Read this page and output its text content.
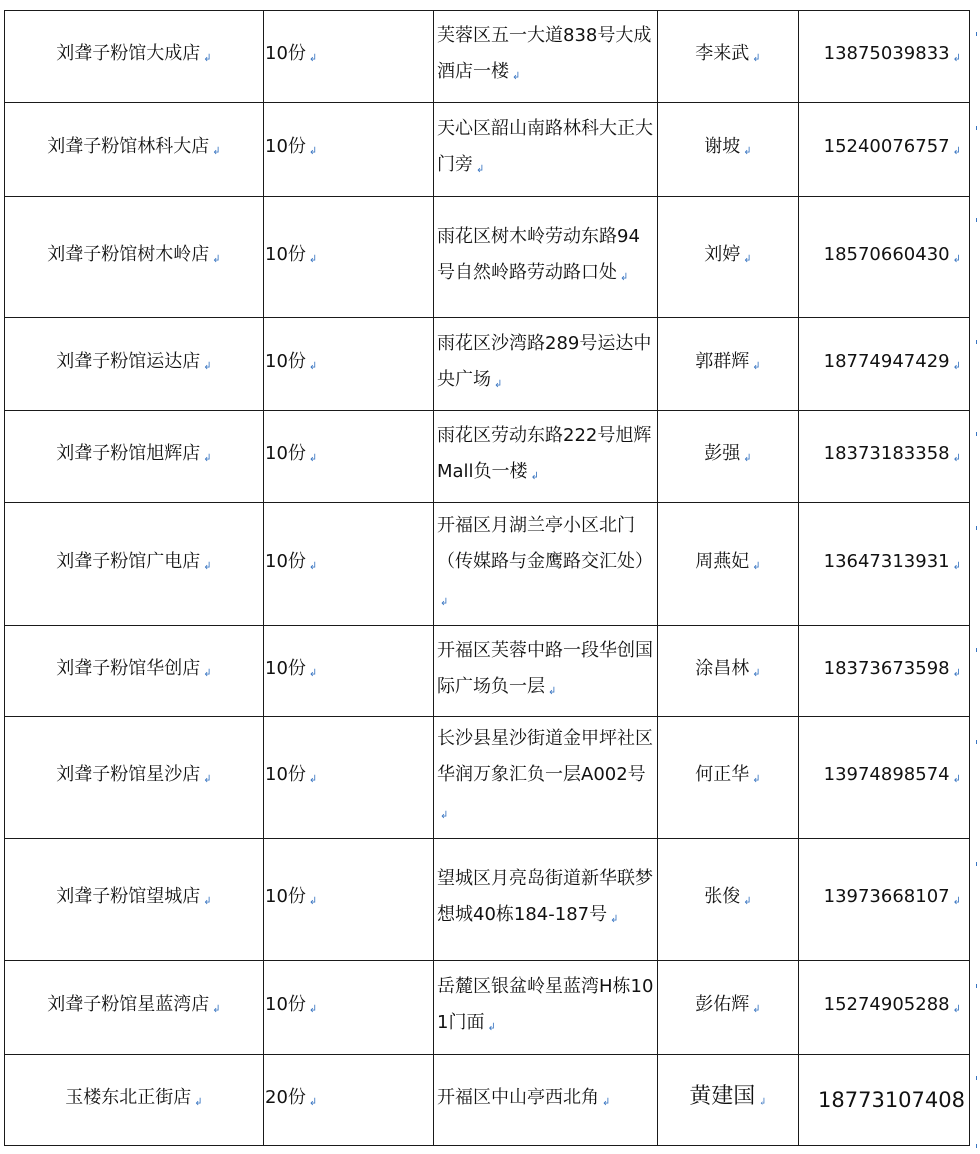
刘聋子粉馆大成店 ↲	10份 ↲	芙蓉区五一大道838号大成酒店一楼 ↲	李来武 ↲	13875039833 ↲
刘聋子粉馆林科大店 ↲	10份 ↲	天心区韶山南路林科大正大门旁 ↲	谢坡 ↲	15240076757 ↲
刘聋子粉馆树木岭店 ↲	10份 ↲	雨花区树木岭劳动东路94号自然岭路劳动路口处 ↲	刘婷 ↲	18570660430 ↲
刘聋子粉馆运达店 ↲	10份 ↲	雨花区沙湾路289号运达中央广场 ↲	郭群辉 ↲	18774947429 ↲
刘聋子粉馆旭辉店 ↲	10份 ↲	雨花区劳动东路222号旭辉Mall负一楼 ↲	彭强 ↲	18373183358 ↲
刘聋子粉馆广电店 ↲	10份 ↲	开福区月湖兰亭小区北门（传媒路与金鹰路交汇处）↲	周燕妃 ↲	13647313931 ↲
刘聋子粉馆华创店 ↲	10份 ↲	开福区芙蓉中路一段华创国际广场负一层 ↲	涂昌林 ↲	18373673598 ↲
刘聋子粉馆星沙店 ↲	10份 ↲	长沙县星沙街道金甲坪社区华润万象汇负一层A002号↲	何正华 ↲	13974898574 ↲
刘聋子粉馆望城店 ↲	10份 ↲	望城区月亮岛街道新华联梦想城40栋184-187号 ↲	张俊 ↲	13973668107 ↲
刘聋子粉馆星蓝湾店 ↲	10份 ↲	岳麓区银盆岭星蓝湾H栋101门面 ↲	彭佑辉 ↲	15274905288 ↲
玉楼东北正街店 ↲	20份 ↲	开福区中山亭西北角 ↲	黄建国 ↲	18773107408
